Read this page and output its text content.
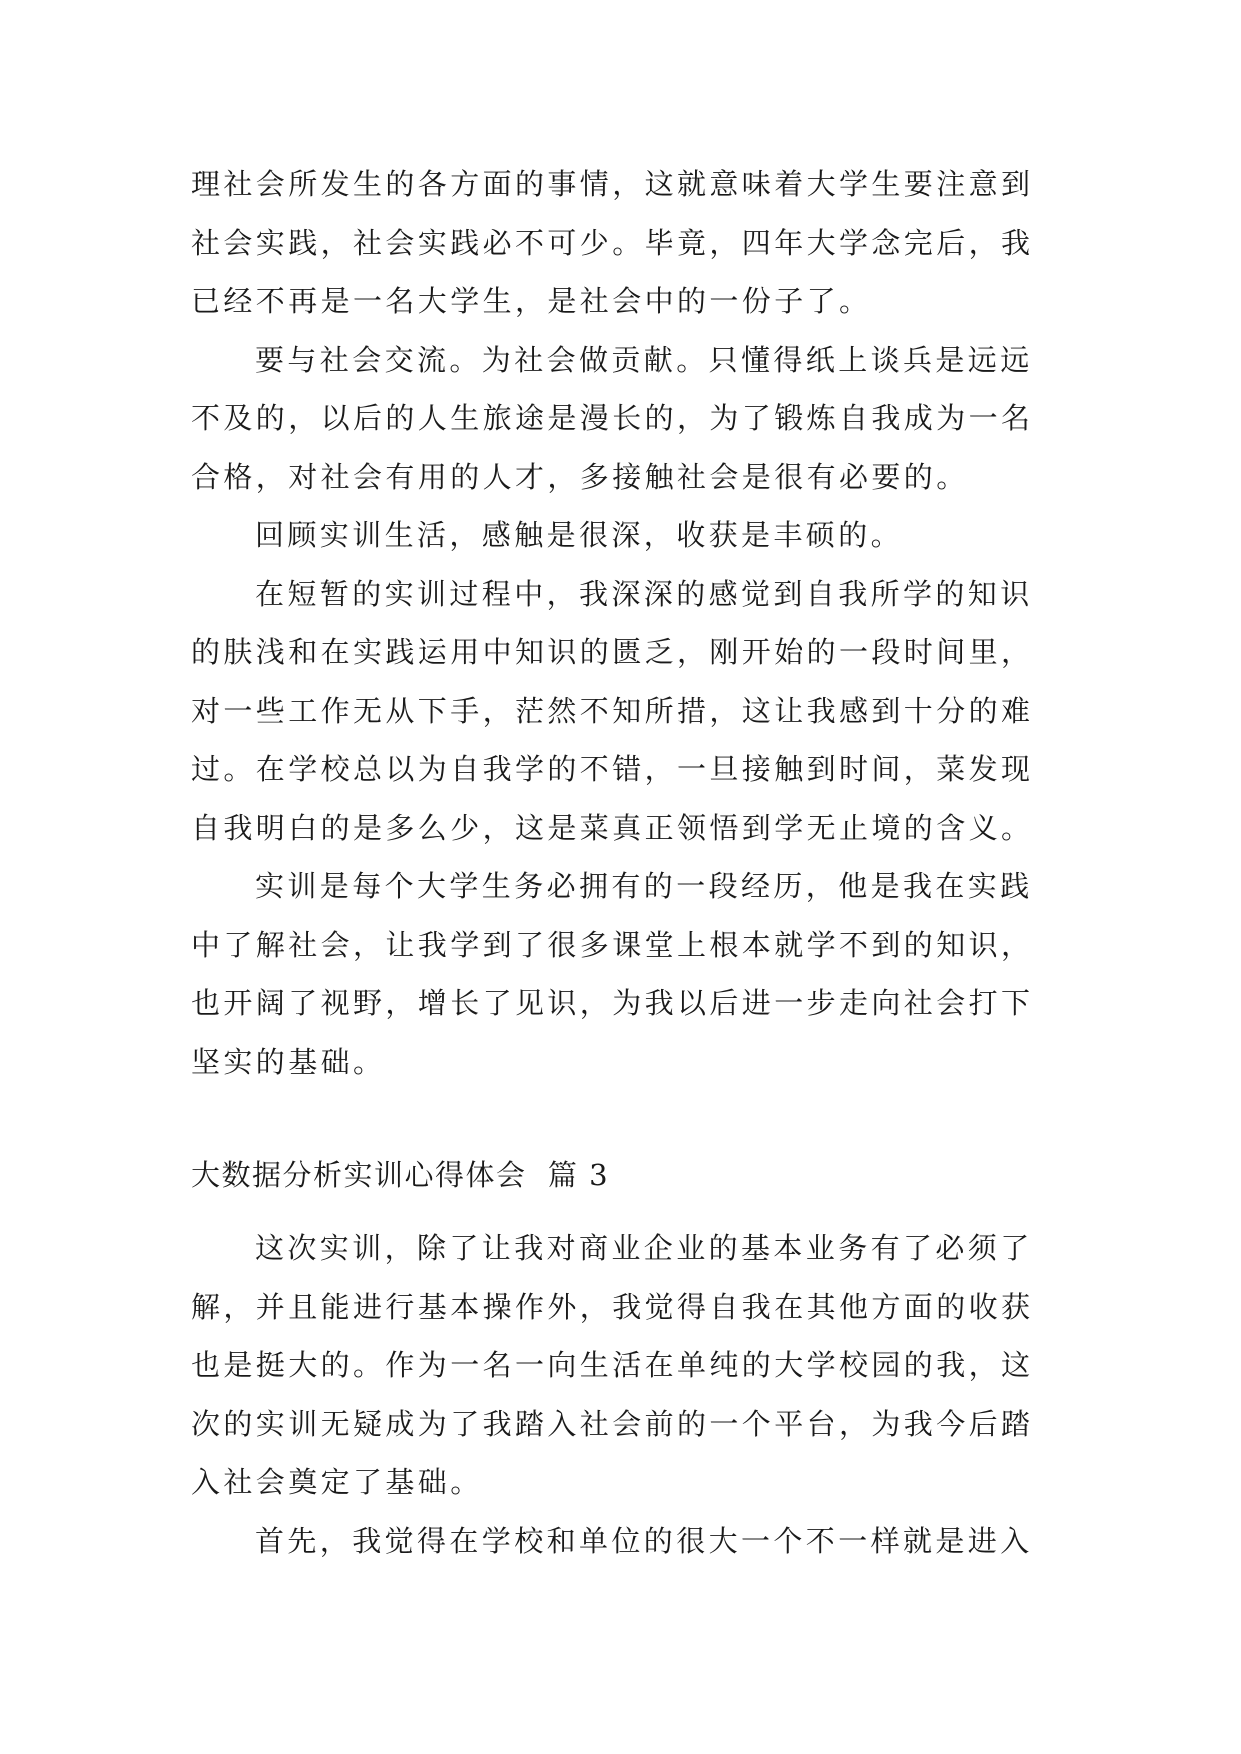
理社会所发生的各方面的事情，这就意味着大学生要注意到社会实践，社会实践必不可少。毕竟，四年大学念完后，我已经不再是一名大学生，是社会中的一份子了。

要与社会交流。为社会做贡献。只懂得纸上谈兵是远远不及的，以后的人生旅途是漫长的，为了锻炼自我成为一名合格，对社会有用的人才，多接触社会是很有必要的。

回顾实训生活，感触是很深，收获是丰硕的。

在短暂的实训过程中，我深深的感觉到自我所学的知识的肤浅和在实践运用中知识的匮乏，刚开始的一段时间里，对一些工作无从下手，茫然不知所措，这让我感到十分的难过。在学校总以为自我学的不错，一旦接触到时间，菜发现自我明白的是多么少，这是菜真正领悟到学无止境的含义。

实训是每个大学生务必拥有的一段经历，他是我在实践中了解社会，让我学到了很多课堂上根本就学不到的知识，也开阔了视野，增长了见识，为我以后进一步走向社会打下坚实的基础。

大数据分析实训心得体会  篇 3

这次实训，除了让我对商业企业的基本业务有了必须了解，并且能进行基本操作外，我觉得自我在其他方面的收获也是挺大的。作为一名一向生活在单纯的大学校园的我，这次的实训无疑成为了我踏入社会前的一个平台，为我今后踏入社会奠定了基础。

首先，我觉得在学校和单位的很大一个不一样就是进入
